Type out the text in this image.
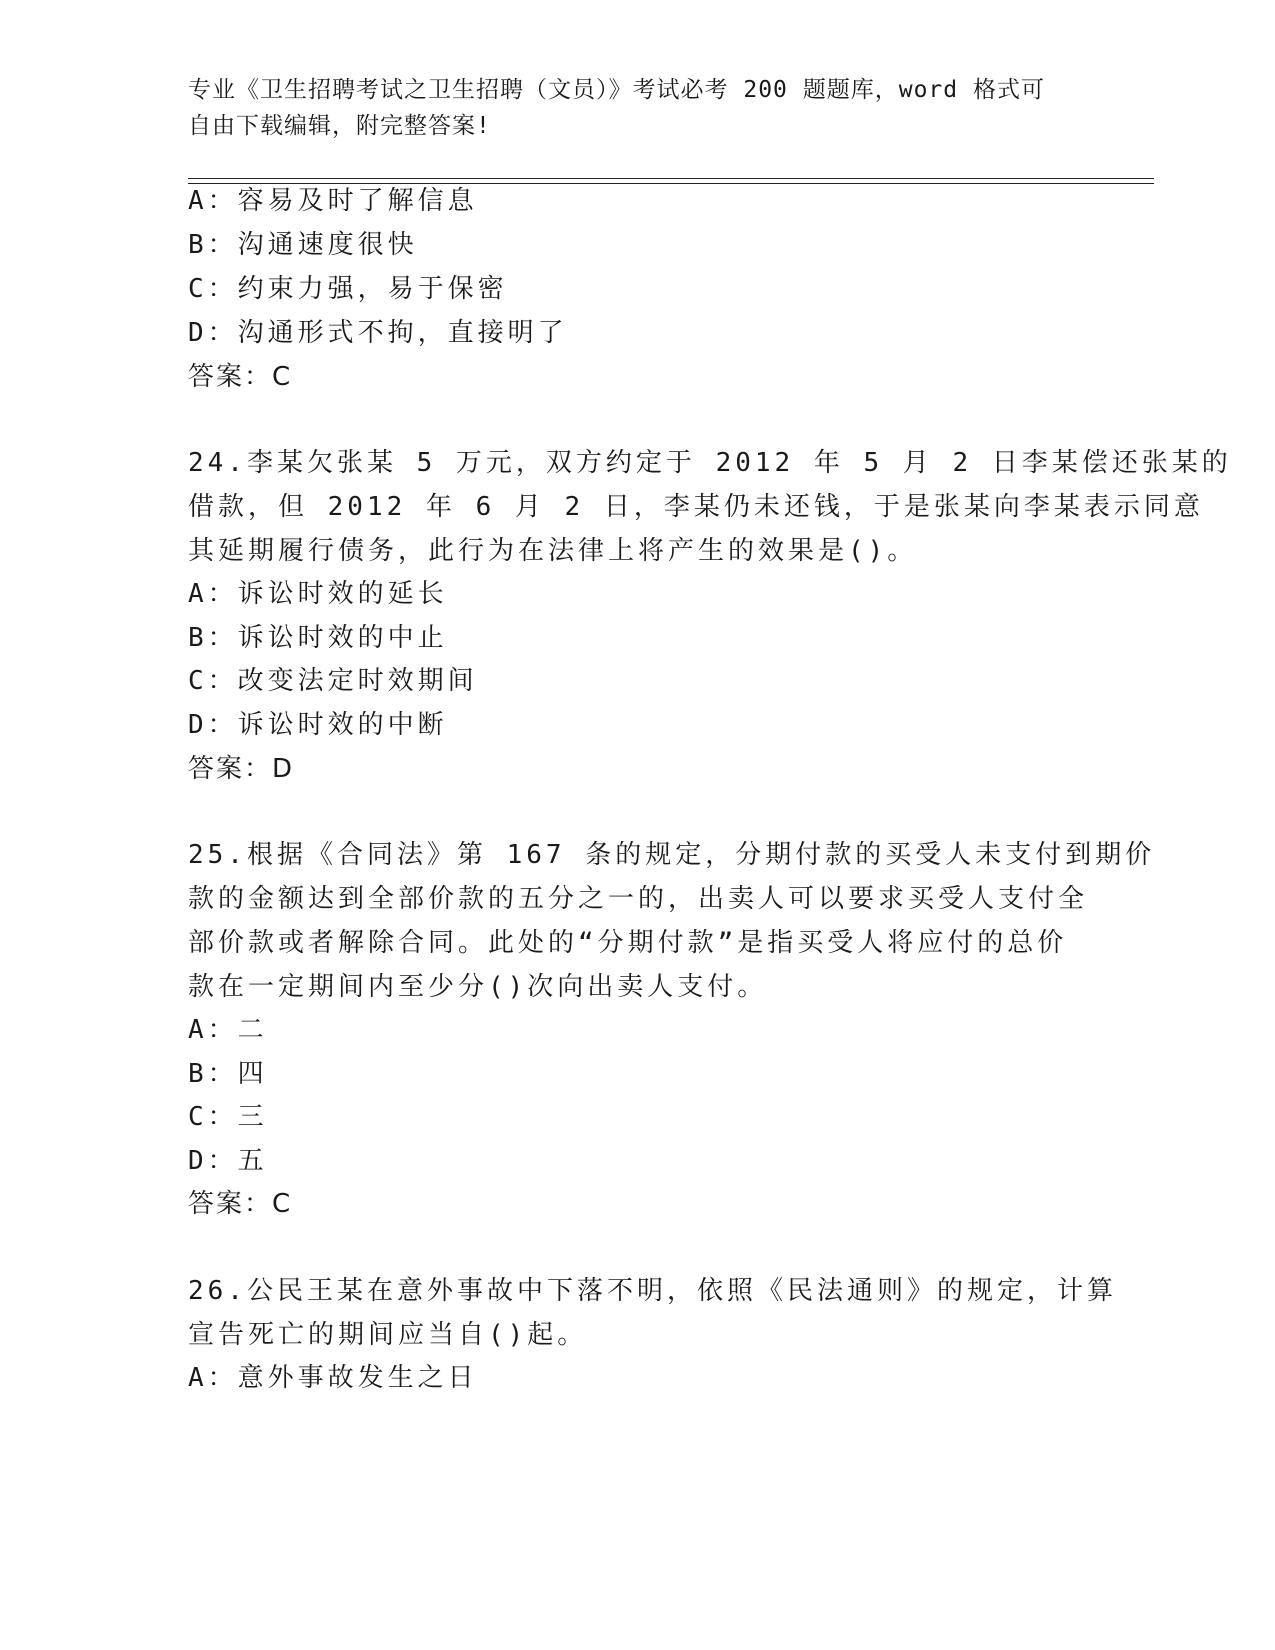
专业《卫生招聘考试之卫生招聘（文员）》考试必考 200 题题库，word 格式可自由下载编辑，附完整答案!

A：容易及时了解信息

B：沟通速度很快

C：约束力强，易于保密

D：沟通形式不拘，直接明了

答案：C

24.李某欠张某 5 万元，双方约定于 2012 年 5 月 2 日李某偿还张某的

借款，但 2012 年 6 月 2 日，李某仍未还钱，于是张某向李某表示同意

其延期履行债务，此行为在法律上将产生的效果是()。

A：诉讼时效的延长

B：诉讼时效的中止

C：改变法定时效期间

D：诉讼时效的中断

答案：D

25.根据《合同法》第 167 条的规定，分期付款的买受人未支付到期价

款的金额达到全部价款的五分之一的，出卖人可以要求买受人支付全

部价款或者解除合同。此处的“分期付款”是指买受人将应付的总价

款在一定期间内至少分()次向出卖人支付。

A：二

B：四

C：三

D：五

答案：C

26.公民王某在意外事故中下落不明，依照《民法通则》的规定，计算

宣告死亡的期间应当自()起。

A：意外事故发生之日
